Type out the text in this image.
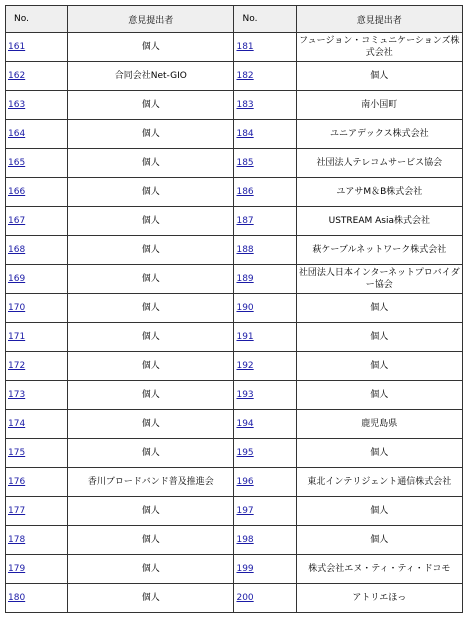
No.	意見提出者	No.	意見提出者
161	個人	181	フュージョン・コミュニケーションズ株式会社
162	合同会社Net-GIO	182	個人
163	個人	183	南小国町
164	個人	184	ユニアデックス株式会社
165	個人	185	社団法人テレコムサービス協会
166	個人	186	ユアサM＆B株式会社
167	個人	187	USTREAM Asia株式会社
168	個人	188	萩ケーブルネットワーク株式会社
169	個人	189	社団法人日本インターネットプロバイダー協会
170	個人	190	個人
171	個人	191	個人
172	個人	192	個人
173	個人	193	個人
174	個人	194	鹿児島県
175	個人	195	個人
176	香川ブロードバンド普及推進会	196	東北インテリジェント通信株式会社
177	個人	197	個人
178	個人	198	個人
179	個人	199	株式会社エヌ・ティ・ティ・ドコモ
180	個人	200	アトリエほっ
